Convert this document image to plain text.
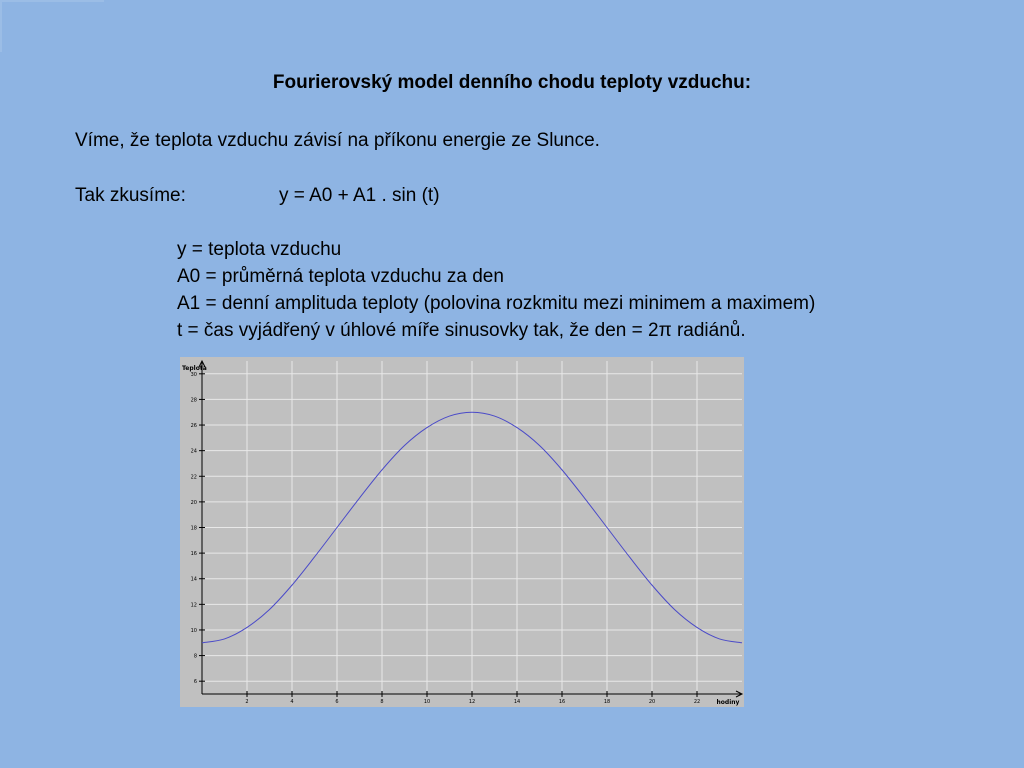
Fourierovský model denního chodu teploty vzduchu:
Víme, že teplota vzduchu závisí na příkonu energie ze Slunce.
Tak zkusíme:	y = A0 + A1 . sin (t)
y = teplota vzduchu
A0 = průměrná teplota vzduchu za den
A1 = denní amplituda teploty (polovina rozkmitu mezi minimem a maximem)
t = čas vyjádřený v úhlové míře sinusovky tak, že den = 2π radiánů.
6
8
10
12
14
16
18
20
22
24
26
28
30
2	4	6	8	10	12	14	16	18	20	22
Teplota
hodiny
